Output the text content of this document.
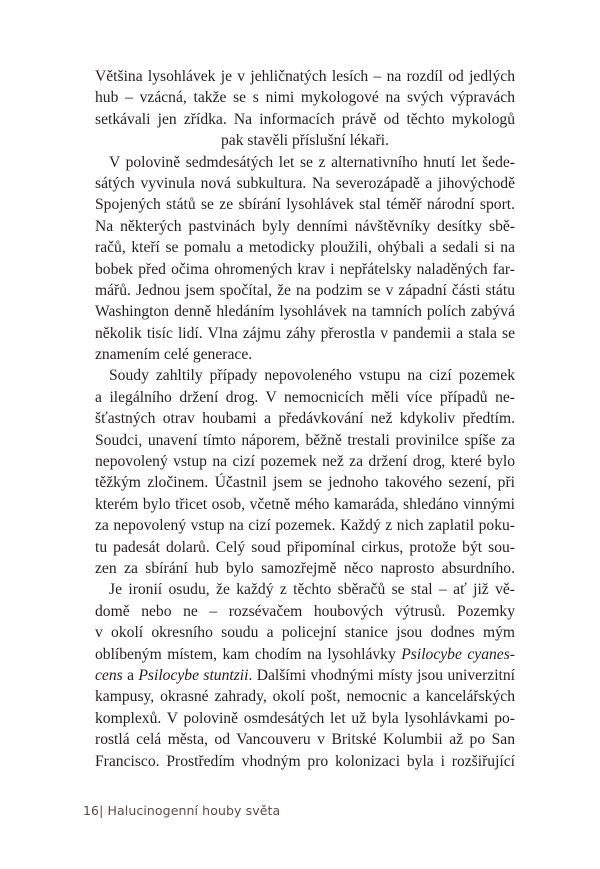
Většina lysohlávek je v jehličnatých lesích – na rozdíl od jedlých
hub – vzácná, takže se s nimi mykologové na svých výpravách
setkávali jen zřídka. Na informacích právě od těchto mykologů
pak stavěli příslušní lékaři.
V polovině sedmdesátých let se z alternativního hnutí let šede-
sátých vyvinula nová subkultura. Na severozápadě a jihovýchodě
Spojených států se ze sbírání lysohlávek stal téměř národní sport.
Na některých pastvinách byly denními návštěvníky desítky sbě-
račů, kteří se pomalu a metodicky ploužili, ohýbali a sedali si na
bobek před očima ohromených krav i nepřátelsky naladěných far-
mářů. Jednou jsem spočítal, že na podzim se v západní části státu
Washington denně hledáním lysohlávek na tamních polích zabývá
několik tisíc lidí. Vlna zájmu záhy přerostla v pandemii a stala se
znamením celé generace.
Soudy zahltily případy nepovoleného vstupu na cizí pozemek
a ilegálního držení drog. V nemocnicích měli více případů ne-
šťastných otrav houbami a předávkování než kdykoliv předtím.
Soudci, unavení tímto náporem, běžně trestali provinilce spíše za
nepovolený vstup na cizí pozemek než za držení drog, které bylo
těžkým zločinem. Účastnil jsem se jednoho takového sezení, při
kterém bylo třicet osob, včetně mého kamaráda, shledáno vinnými
za nepovolený vstup na cizí pozemek. Každý z nich zaplatil poku-
tu padesát dolarů. Celý soud připomínal cirkus, protože být sou-
zen za sbírání hub bylo samozřejmě něco naprosto absurdního.
Je ironií osudu, že každý z těchto sběračů se stal – ať již vě-
domě nebo ne – rozsévačem houbových výtrusů. Pozemky
v okolí okresního soudu a policejní stanice jsou dodnes mým
oblíbeným místem, kam chodím na lysohlávky Psilocybe cyanes-
cens a Psilocybe stuntzii. Dalšími vhodnými místy jsou univerzitní
kampusy, okrasné zahrady, okolí pošt, nemocnic a kancelářských
komplexů. V polovině osmdesátých let už byla lysohlávkami po-
rostlá celá města, od Vancouveru v Britské Kolumbii až po San
Francisco. Prostředím vhodným pro kolonizaci byla i rozšiřující
16| Halucinogenní houby světa
